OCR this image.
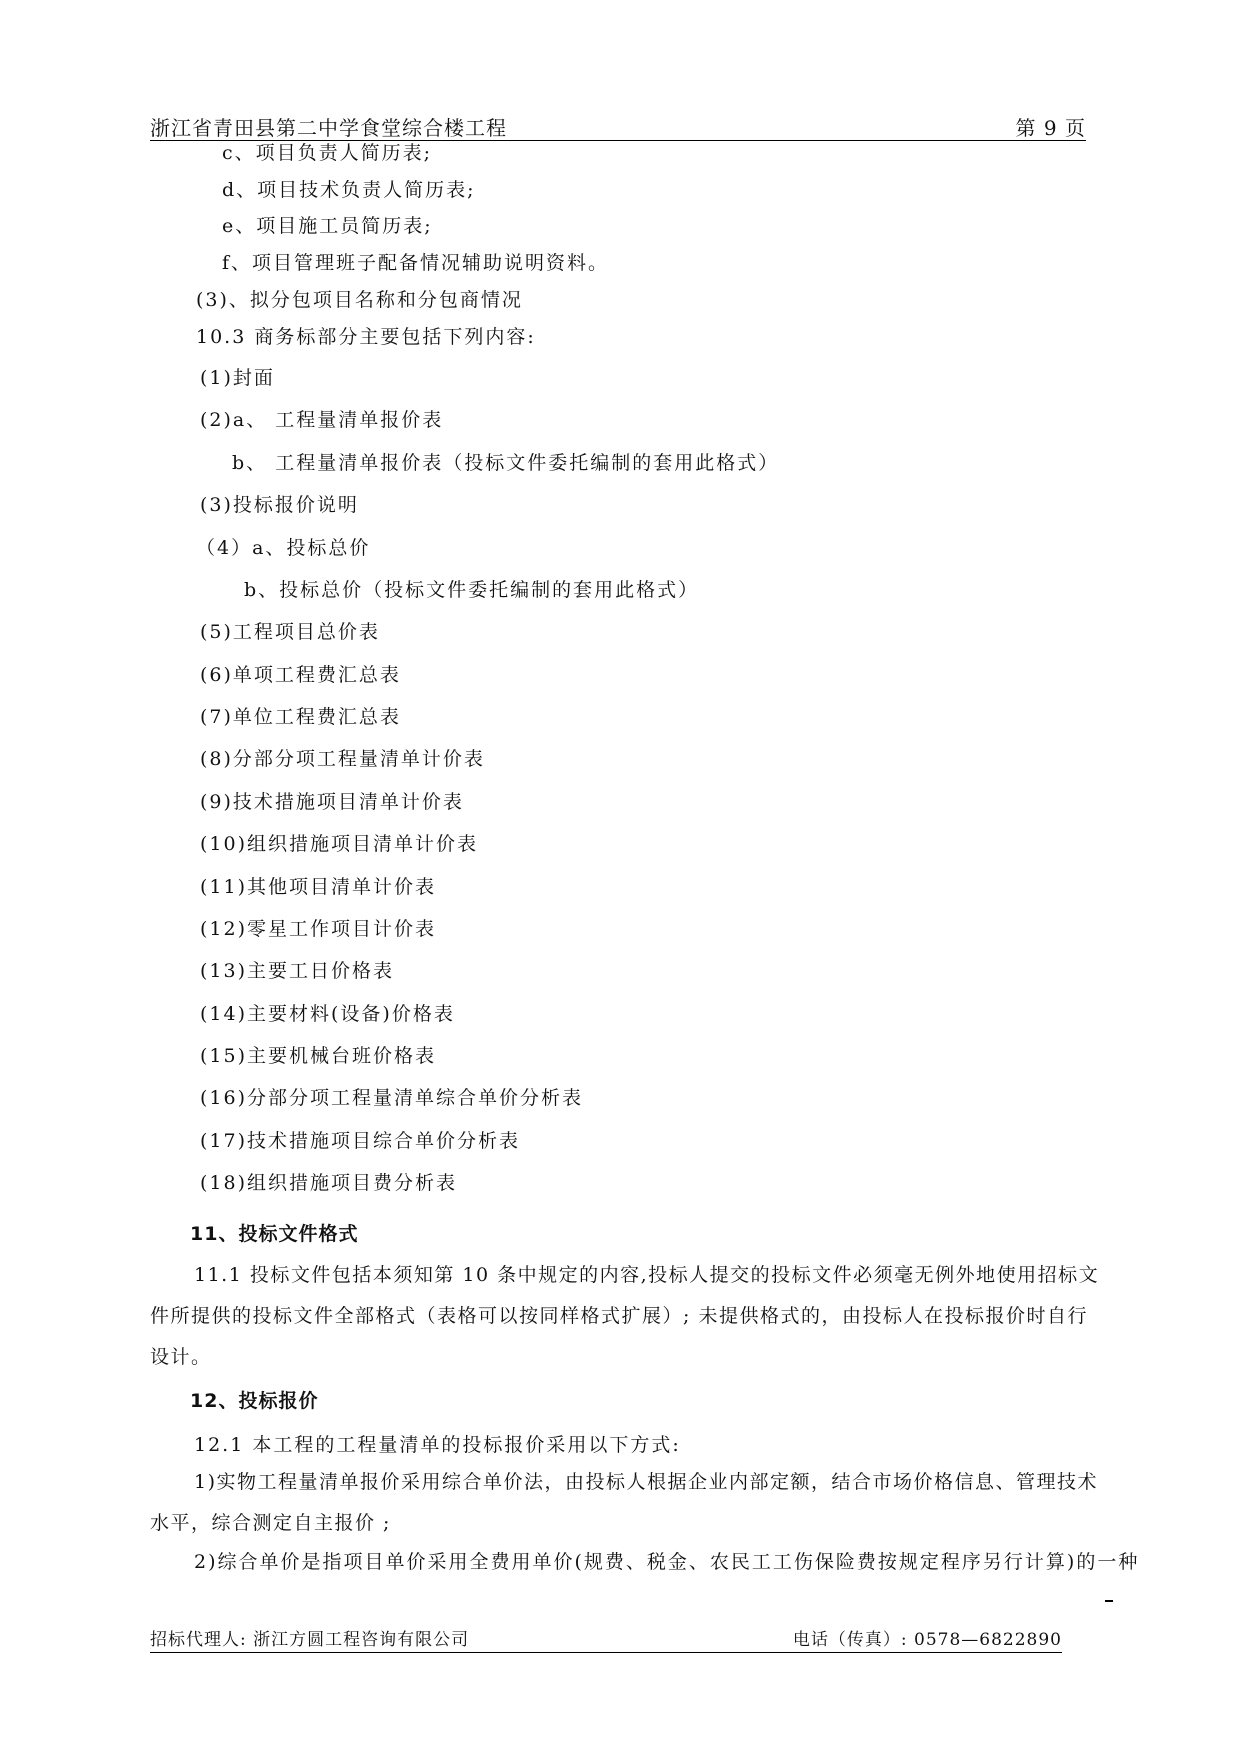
浙江省青田县第二中学食堂综合楼工程	第 9 页
c、项目负责人简历表;
d、项目技术负责人简历表;
e、项目施工员简历表;
f、项目管理班子配备情况辅助说明资料。
(3)、拟分包项目名称和分包商情况
10.3 商务标部分主要包括下列内容:
(1)封面
(2)a、 工程量清单报价表
b、 工程量清单报价表（投标文件委托编制的套用此格式）
(3)投标报价说明
（4）a、投标总价
b、投标总价（投标文件委托编制的套用此格式）
(5)工程项目总价表
(6)单项工程费汇总表
(7)单位工程费汇总表
(8)分部分项工程量清单计价表
(9)技术措施项目清单计价表
(10)组织措施项目清单计价表
(11)其他项目清单计价表
(12)零星工作项目计价表
(13)主要工日价格表
(14)主要材料(设备)价格表
(15)主要机械台班价格表
(16)分部分项工程量清单综合单价分析表
(17)技术措施项目综合单价分析表
(18)组织措施项目费分析表
11、投标文件格式
11.1 投标文件包括本须知第 10 条中规定的内容,投标人提交的投标文件必须毫无例外地使用招标文件所提供的投标文件全部格式（表格可以按同样格式扩展）; 未提供格式的，由投标人在投标报价时自行设计。
12、投标报价
12.1 本工程的工程量清单的投标报价采用以下方式:
1)实物工程量清单报价采用综合单价法，由投标人根据企业内部定额，结合市场价格信息、管理技术水平，综合测定自主报价 ;
2)综合单价是指项目单价采用全费用单价(规费、税金、农民工工伤保险费按规定程序另行计算)的一种
招标代理人: 浙江方圆工程咨询有限公司	电话（传真）: 0578—6822890
